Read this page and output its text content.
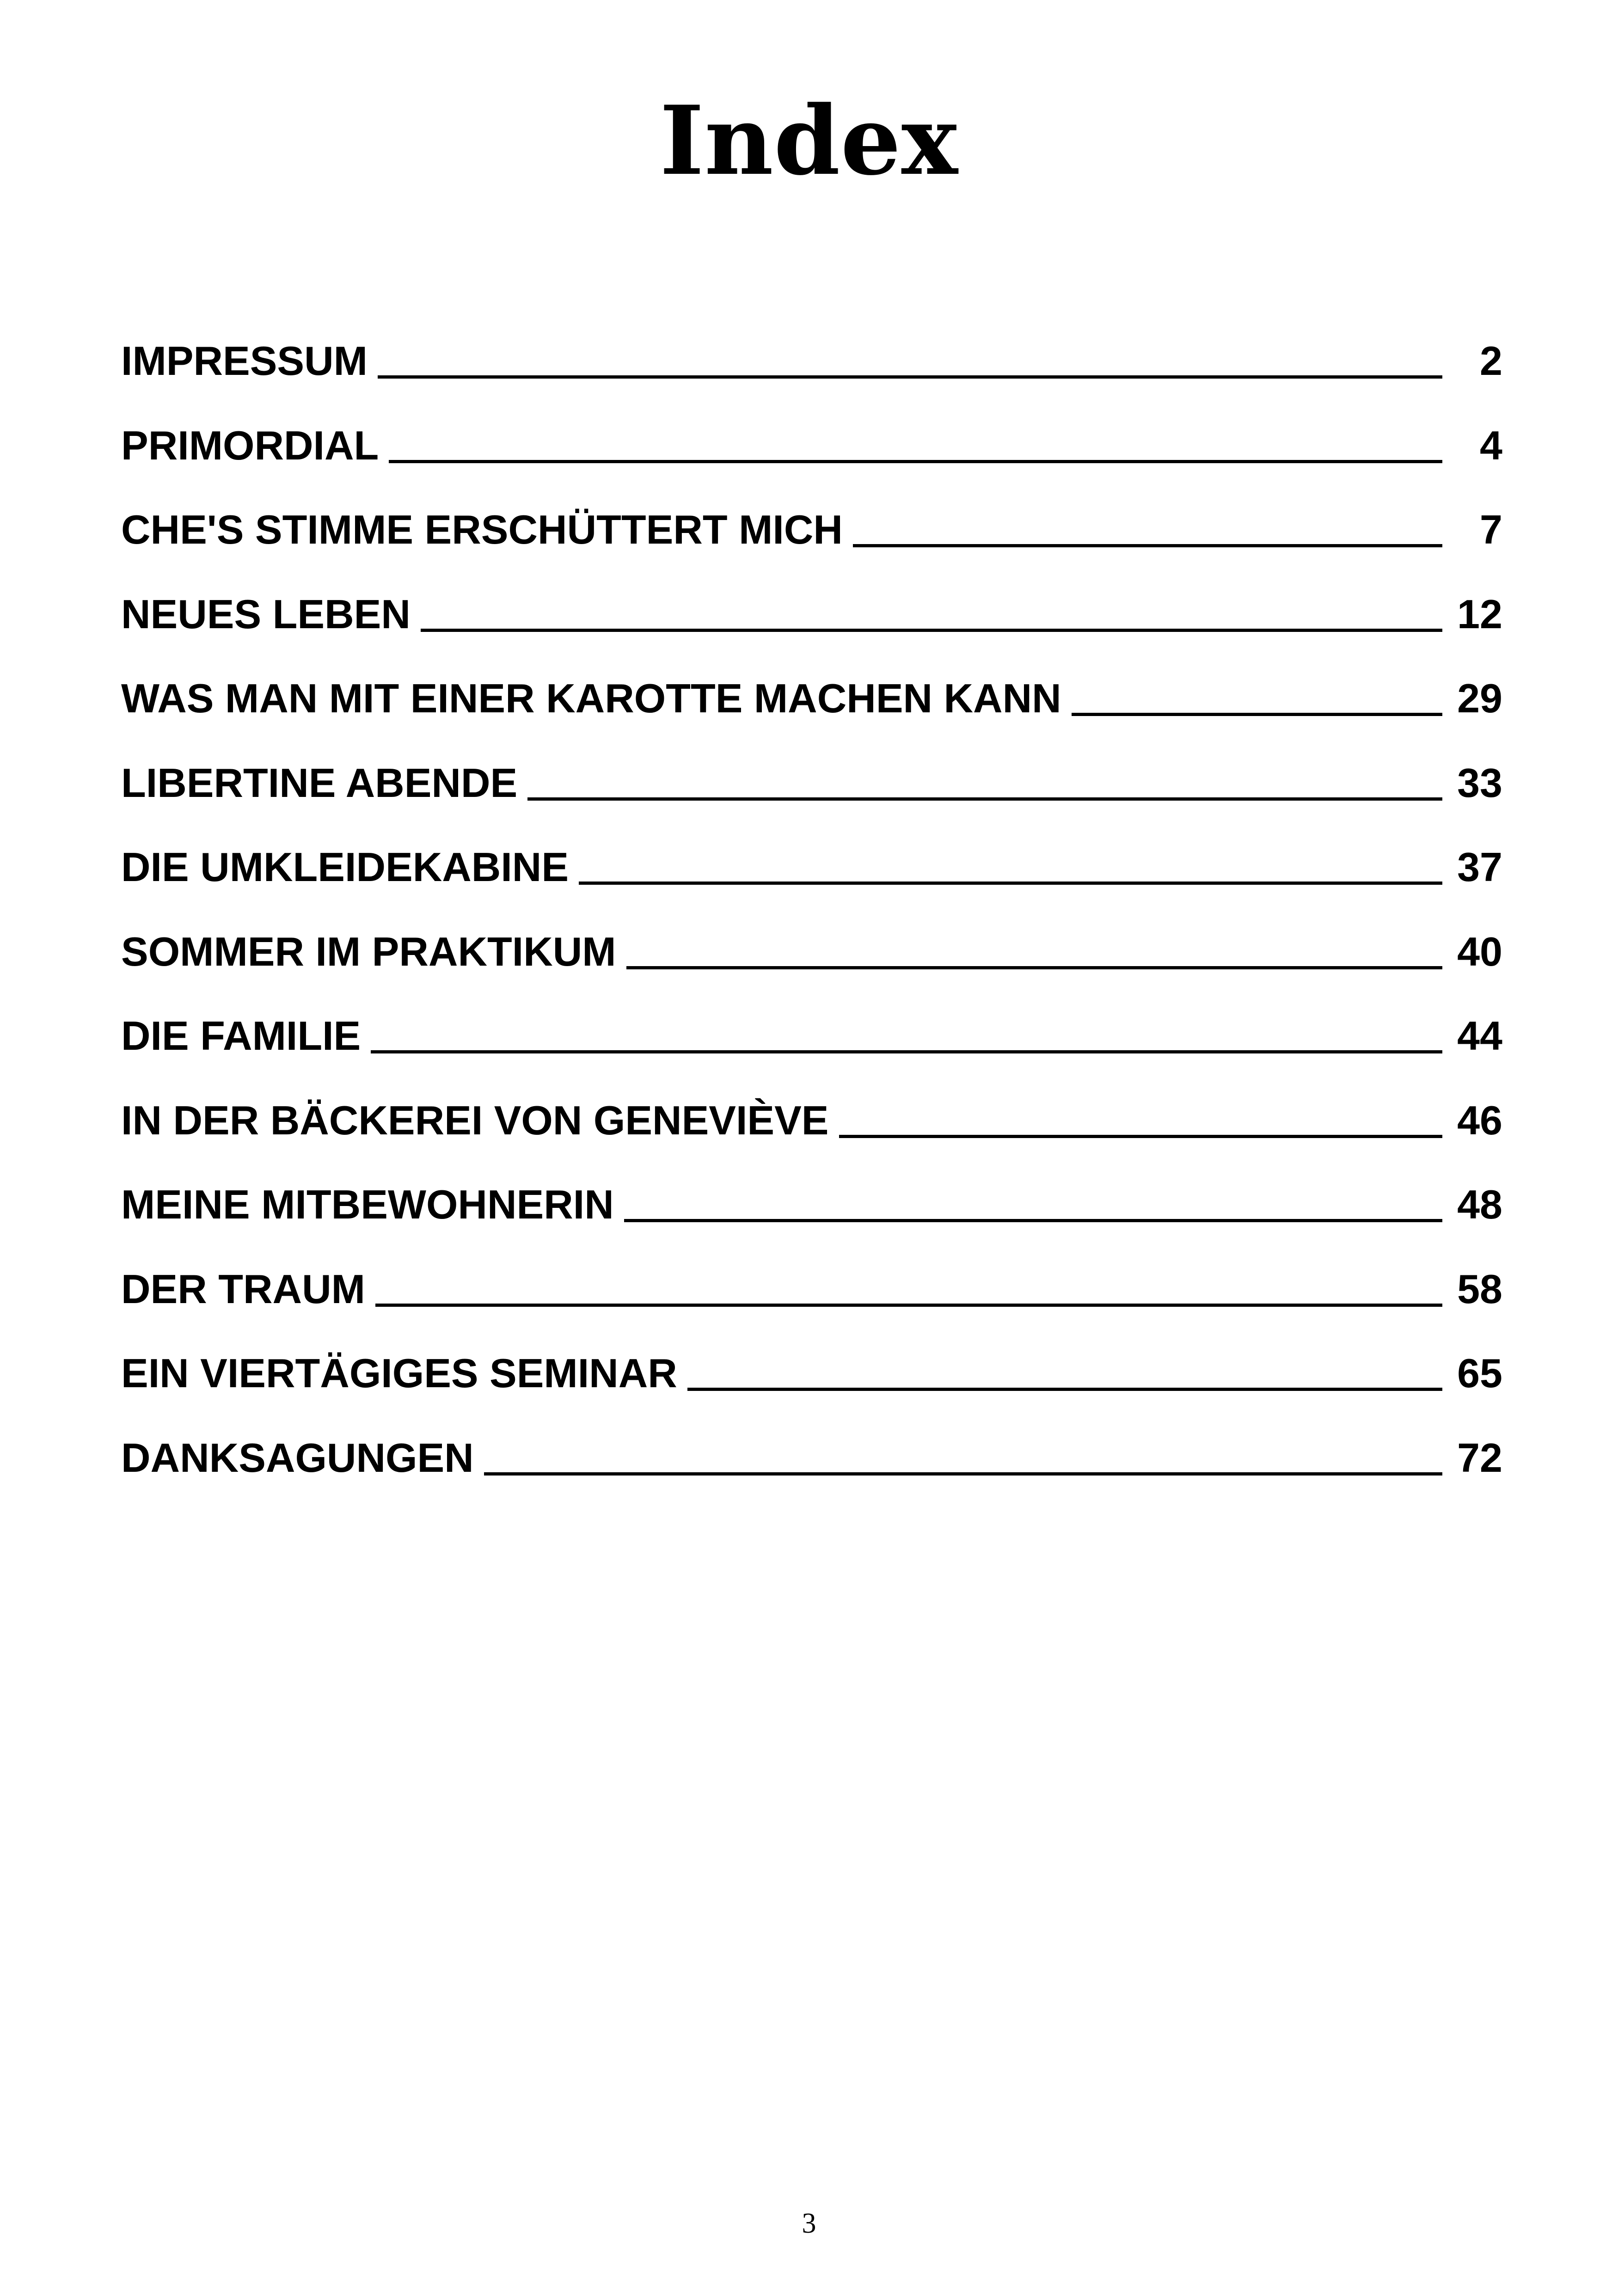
Index
IMPRESSUM	2
PRIMORDIAL	4
CHE'S STIMME ERSCHÜTTERT MICH	7
NEUES LEBEN	12
WAS MAN MIT EINER KAROTTE MACHEN KANN	29
LIBERTINE ABENDE	33
DIE UMKLEIDEKABINE	37
SOMMER IM PRAKTIKUM	40
DIE FAMILIE	44
IN DER BÄCKEREI VON GENEVIÈVE	46
MEINE MITBEWOHNERIN	48
DER TRAUM	58
EIN VIERTÄGIGES SEMINAR	65
DANKSAGUNGEN	72
3
